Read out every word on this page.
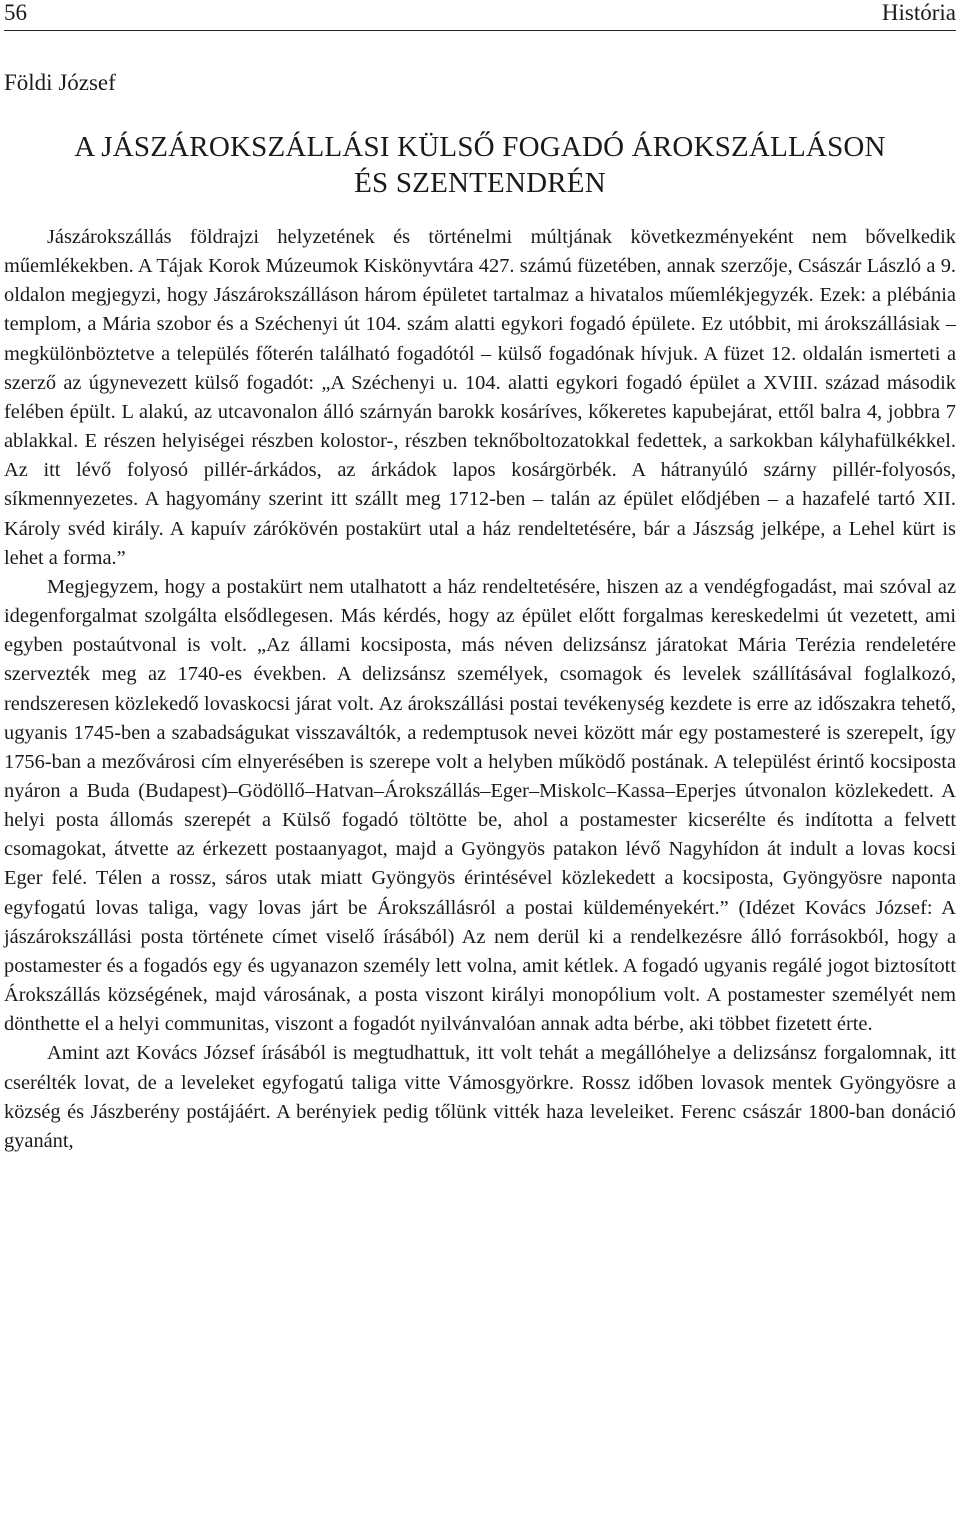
56	História
Földi József
A JÁSZÁROKSZÁLLÁSI KÜLSŐ FOGADÓ ÁROKSZÁLLÁSON
ÉS SZENTENDRÉN

Jászárokszállás földrajzi helyzetének és történelmi múltjának következményeként nem bővelkedik műemlékekben. A Tájak Korok Múzeumok Kiskönyvtára 427. számú füzetében, annak szerzője, Császár László a 9. oldalon megjegyzi, hogy Jászárokszálláson három épületet tartalmaz a hivatalos műemlékjegyzék. Ezek: a plébánia templom, a Mária szobor és a Széchenyi út 104. szám alatti egykori fogadó épülete. Ez utóbbit, mi árokszállásiak – megkülönböztetve a település főterén található fogadótól – külső fogadónak hívjuk. A füzet 12. oldalán ismerteti a szerző az úgynevezett külső fogadót: „A Széchenyi u. 104. alatti egykori fogadó épület a XVIII. század második felében épült. L alakú, az utcavonalon álló szárnyán barokk kosáríves, kőkeretes kapubejárat, ettől balra 4, jobbra 7 ablakkal. E részen helyiségei részben kolostor-, részben teknőboltozatokkal fedettek, a sarkokban kályhafülkékkel. Az itt lévő folyosó pillér-árkádos, az árkádok lapos kosárgörbék. A hátranyúló szárny pillér-folyosós, síkmennyezetes. A hagyomány szerint itt szállt meg 1712-ben – talán az épület elődjében – a hazafelé tartó XII. Károly svéd király. A kapuív zárókövén postakürt utal a ház rendeltetésére, bár a Jászság jelképe, a Lehel kürt is lehet a forma.”

Megjegyzem, hogy a postakürt nem utalhatott a ház rendeltetésére, hiszen az a vendégfogadást, mai szóval az idegenforgalmat szolgálta elsődlegesen. Más kérdés, hogy az épület előtt forgalmas kereskedelmi út vezetett, ami egyben postaútvonal is volt. „Az állami kocsiposta, más néven delizsánsz járatokat Mária Terézia rendeletére szervezték meg az 1740-es években. A delizsánsz személyek, csomagok és levelek szállításával foglalkozó, rendszeresen közlekedő lovaskocsi járat volt. Az árokszállási postai tevékenység kezdete is erre az időszakra tehető, ugyanis 1745-ben a szabadságukat visszaváltók, a redemptusok nevei között már egy postamesteré is szerepelt, így 1756-ban a mezővárosi cím elnyerésében is szerepe volt a helyben működő postának. A települést érintő kocsiposta nyáron a Buda (Budapest)–Gödöllő–Hatvan–Árokszállás–Eger–Miskolc–Kassa–Eperjes útvonalon közlekedett. A helyi posta állomás szerepét a Külső fogadó töltötte be, ahol a postamester kicserélte és indította a felvett csomagokat, átvette az érkezett postaanyagot, majd a Gyöngyös patakon lévő Nagyhídon át indult a lovas kocsi Eger felé. Télen a rossz, sáros utak miatt Gyöngyös érintésével közlekedett a kocsiposta, Gyöngyösre naponta egyfogatú lovas taliga, vagy lovas járt be Árokszállásról a postai küldeményekért.” (Idézet Kovács József: A jászárokszállási posta története címet viselő írásából) Az nem derül ki a rendelkezésre álló forrásokból, hogy a postamester és a fogadós egy és ugyanazon személy lett volna, amit kétlek. A fogadó ugyanis regálé jogot biztosított Árokszállás községének, majd városának, a posta viszont királyi monopólium volt. A postamester személyét nem dönthette el a helyi communitas, viszont a fogadót nyilvánvalóan annak adta bérbe, aki többet fizetett érte.

Amint azt Kovács József írásából is megtudhattuk, itt volt tehát a megállóhelye a delizsánsz forgalomnak, itt cserélték lovat, de a leveleket egyfogatú taliga vitte Vámosgyörkre. Rossz időben lovasok mentek Gyöngyösre a község és Jászberény postájáért. A berényiek pedig tőlünk vitték haza leveleiket. Ferenc császár 1800-ban donáció gyanánt,
